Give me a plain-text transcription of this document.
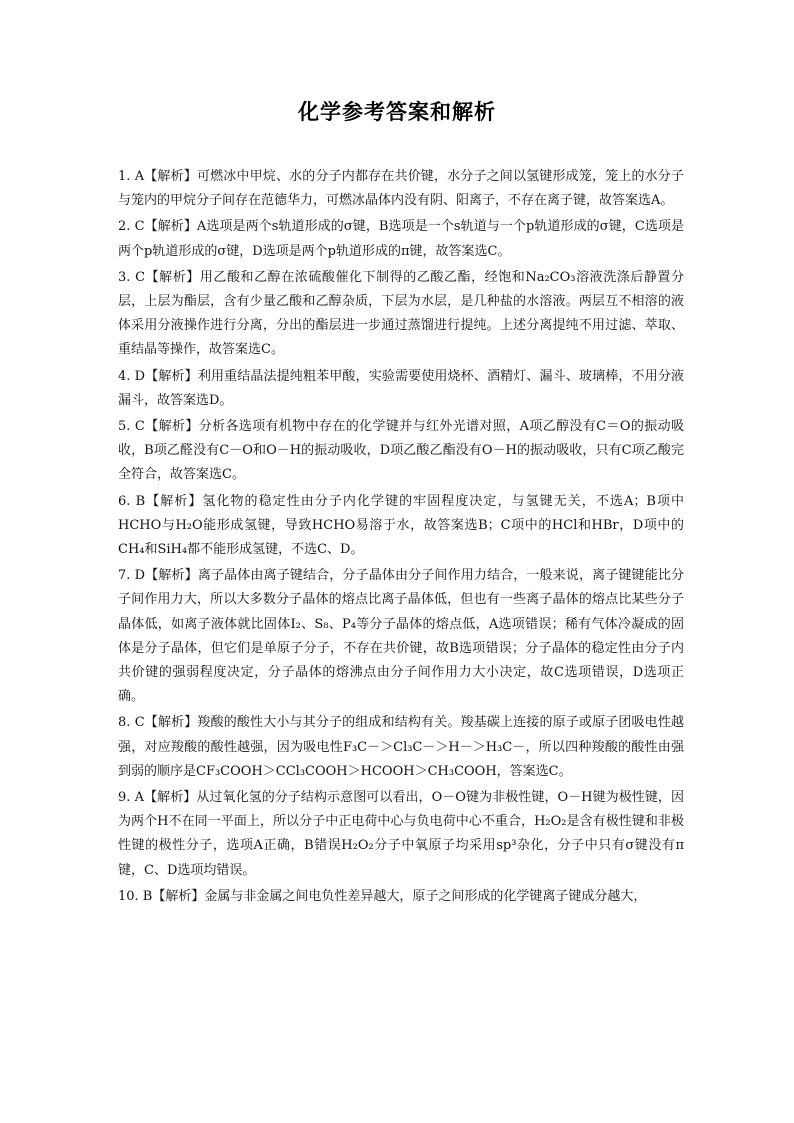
化学参考答案和解析

1. A【解析】可燃冰中甲烷、水的分子内都存在共价键，水分子之间以氢键形成笼，笼上的水分子与笼内的甲烷分子间存在范德华力，可燃冰晶体内没有阴、阳离子，不存在离子键，故答案选A。

2. C【解析】A选项是两个s轨道形成的σ键，B选项是一个s轨道与一个p轨道形成的σ键，C选项是两个p轨道形成的σ键，D选项是两个p轨道形成的π键，故答案选C。

3. C【解析】用乙酸和乙醇在浓硫酸催化下制得的乙酸乙酯，经饱和Na₂CO₃溶液洗涤后静置分层，上层为酯层，含有少量乙酸和乙醇杂质，下层为水层，是几种盐的水溶液。两层互不相溶的液体采用分液操作进行分离，分出的酯层进一步通过蒸馏进行提纯。上述分离提纯不用过滤、萃取、重结晶等操作，故答案选C。

4. D【解析】利用重结晶法提纯粗苯甲酸，实验需要使用烧杯、酒精灯、漏斗、玻璃棒，不用分液漏斗，故答案选D。

5. C【解析】分析各选项有机物中存在的化学键并与红外光谱对照，A项乙醇没有C＝O的振动吸收，B项乙醛没有C－O和O－H的振动吸收，D项乙酸乙酯没有O－H的振动吸收，只有C项乙酸完全符合，故答案选C。

6. B【解析】氢化物的稳定性由分子内化学键的牢固程度决定，与氢键无关，不选A；B项中HCHO与H₂O能形成氢键，导致HCHO易溶于水，故答案选B；C项中的HCl和HBr，D项中的CH₄和SiH₄都不能形成氢键，不选C、D。

7. D【解析】离子晶体由离子键结合，分子晶体由分子间作用力结合，一般来说，离子键键能比分子间作用力大，所以大多数分子晶体的熔点比离子晶体低，但也有一些离子晶体的熔点比某些分子晶体低，如离子液体就比固体I₂、S₈、P₄等分子晶体的熔点低，A选项错误；稀有气体冷凝成的固体是分子晶体，但它们是单原子分子，不存在共价键，故B选项错误；分子晶体的稳定性由分子内共价键的强弱程度决定，分子晶体的熔沸点由分子间作用力大小决定，故C选项错误，D选项正确。

8. C【解析】羧酸的酸性大小与其分子的组成和结构有关。羧基碳上连接的原子或原子团吸电性越强，对应羧酸的酸性越强，因为吸电性F₃C－＞Cl₃C－＞H－＞H₃C－，所以四种羧酸的酸性由强到弱的顺序是CF₃COOH＞CCl₃COOH＞HCOOH＞CH₃COOH，答案选C。

9. A【解析】从过氧化氢的分子结构示意图可以看出，O－O键为非极性键，O－H键为极性键，因为两个H不在同一平面上，所以分子中正电荷中心与负电荷中心不重合，H₂O₂是含有极性键和非极性键的极性分子，选项A正确，B错误H₂O₂分子中氧原子均采用sp³杂化，分子中只有σ键没有π键，C、D选项均错误。

10. B【解析】金属与非金属之间电负性差异越大，原子之间形成的化学键离子键成分越大，
